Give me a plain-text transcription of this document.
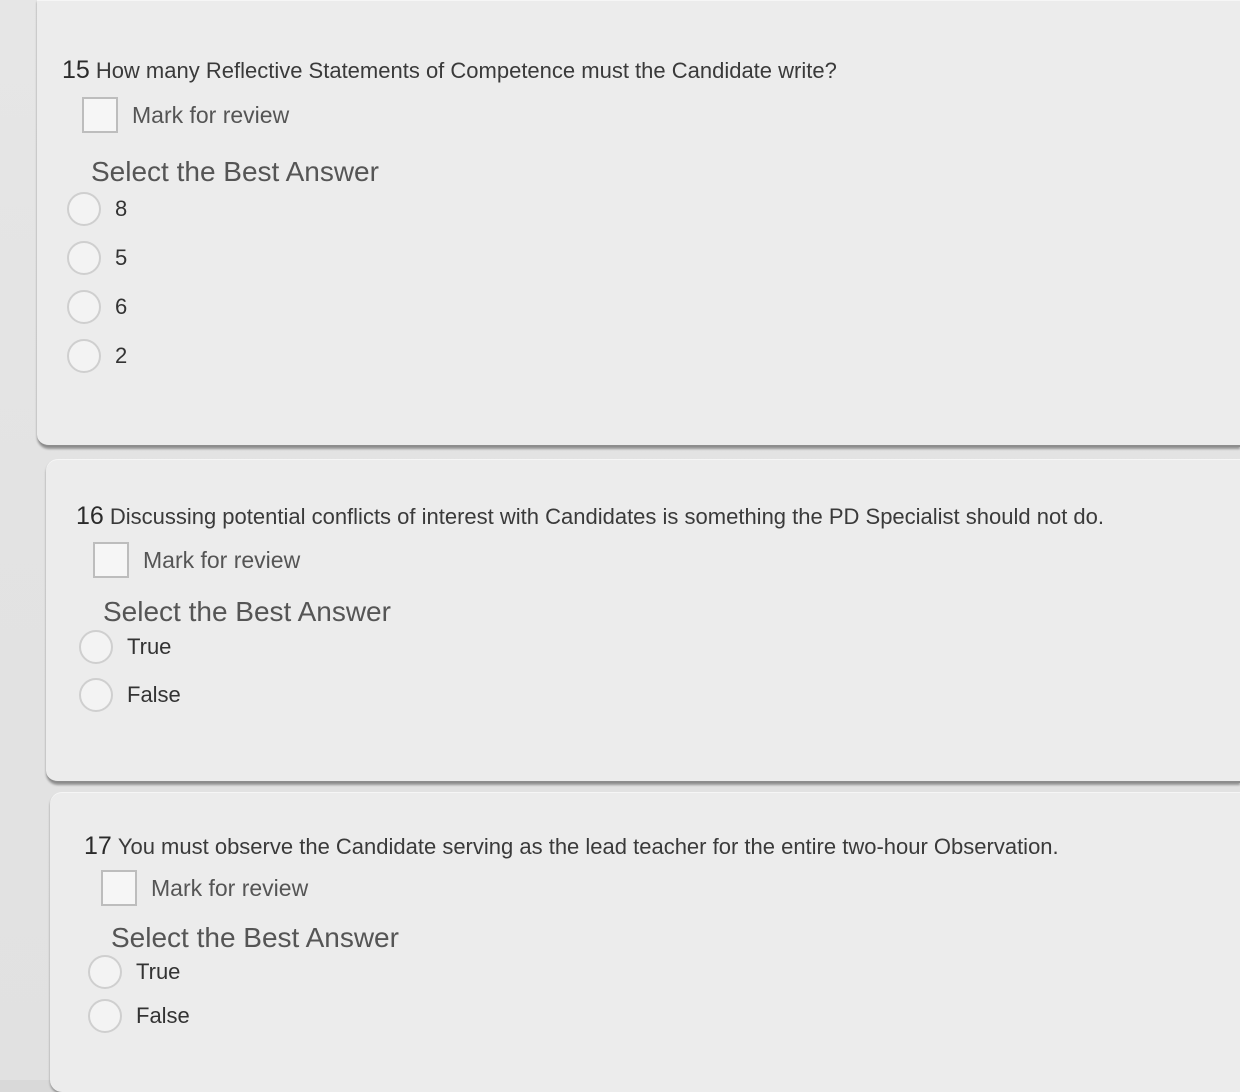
15 How many Reflective Statements of Competence must the Candidate write?
Mark for review
Select the Best Answer
8
5
6
2
16 Discussing potential conflicts of interest with Candidates is something the PD Specialist should not do.
Mark for review
Select the Best Answer
True
False
17 You must observe the Candidate serving as the lead teacher for the entire two-hour Observation.
Mark for review
Select the Best Answer
True
False
